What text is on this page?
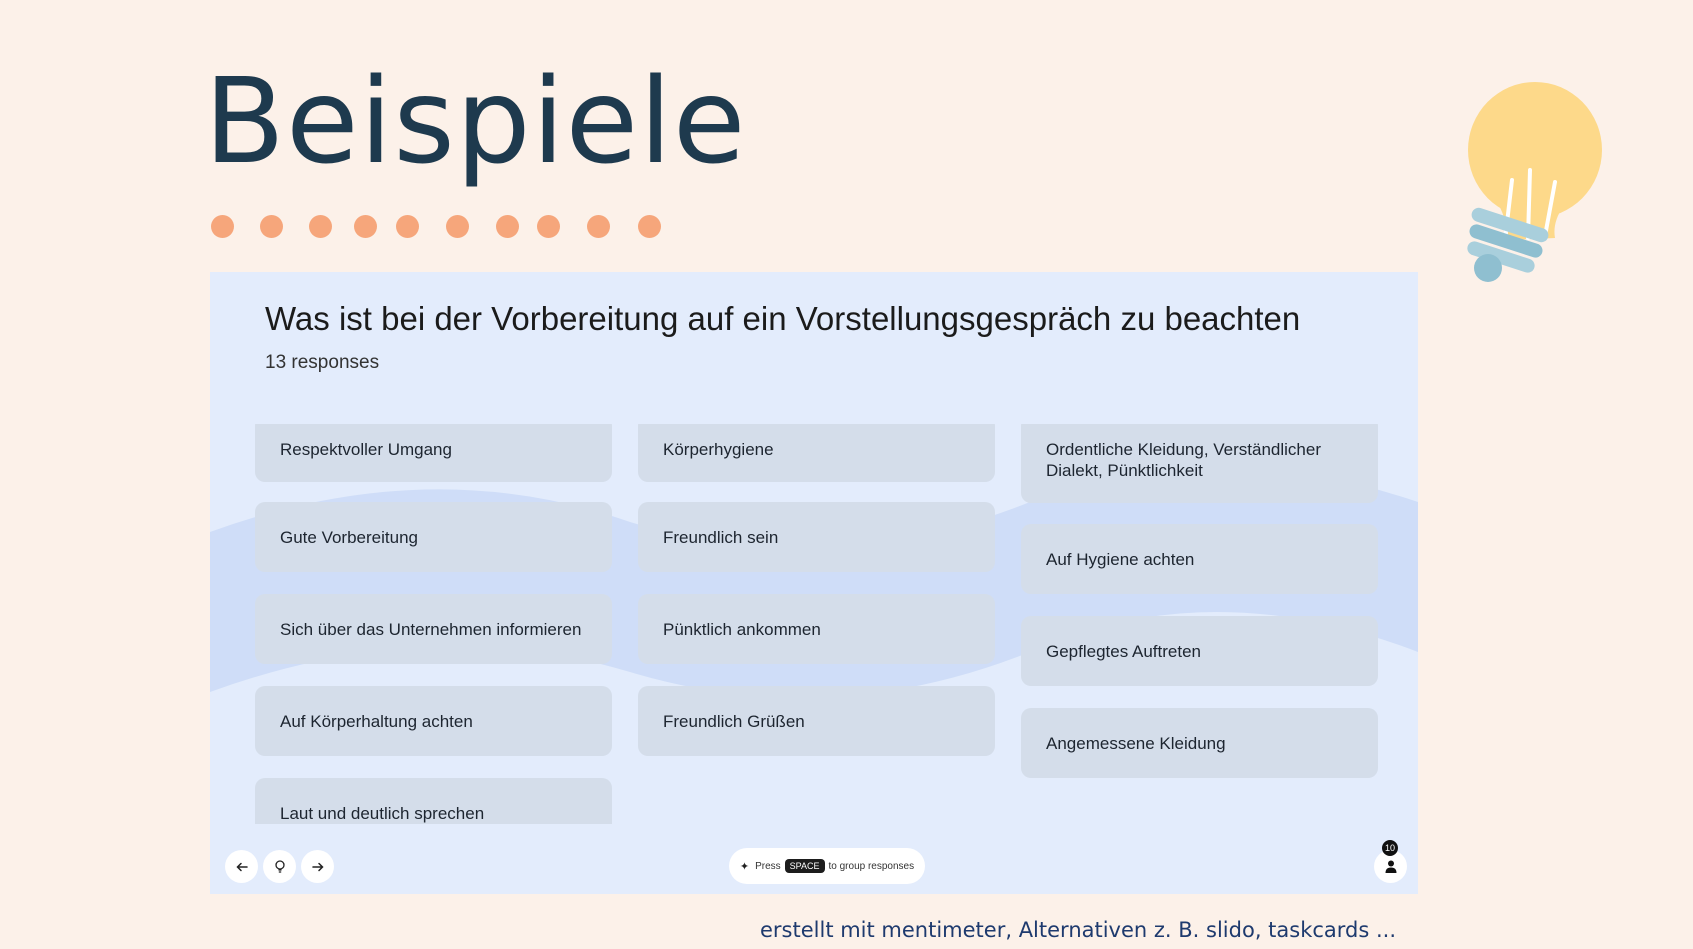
Beispiele
Was ist bei der Vorbereitung auf ein Vorstellungsgespräch zu beachten
13 responses
Respektvoller Umgang
Gute Vorbereitung
Sich über das Unternehmen informieren
Auf Körperhaltung achten
Laut und deutlich sprechen
Körperhygiene
Freundlich sein
Pünktlich ankommen
Freundlich Grüßen
Ordentliche Kleidung, Verständlicher Dialekt, Pünktlichkeit
Auf Hygiene achten
Gepflegtes Auftreten
Angemessene Kleidung
✦ Press	SPACE to group responses
10
erstellt mit mentimeter, Alternativen z. B. slido, taskcards ...
